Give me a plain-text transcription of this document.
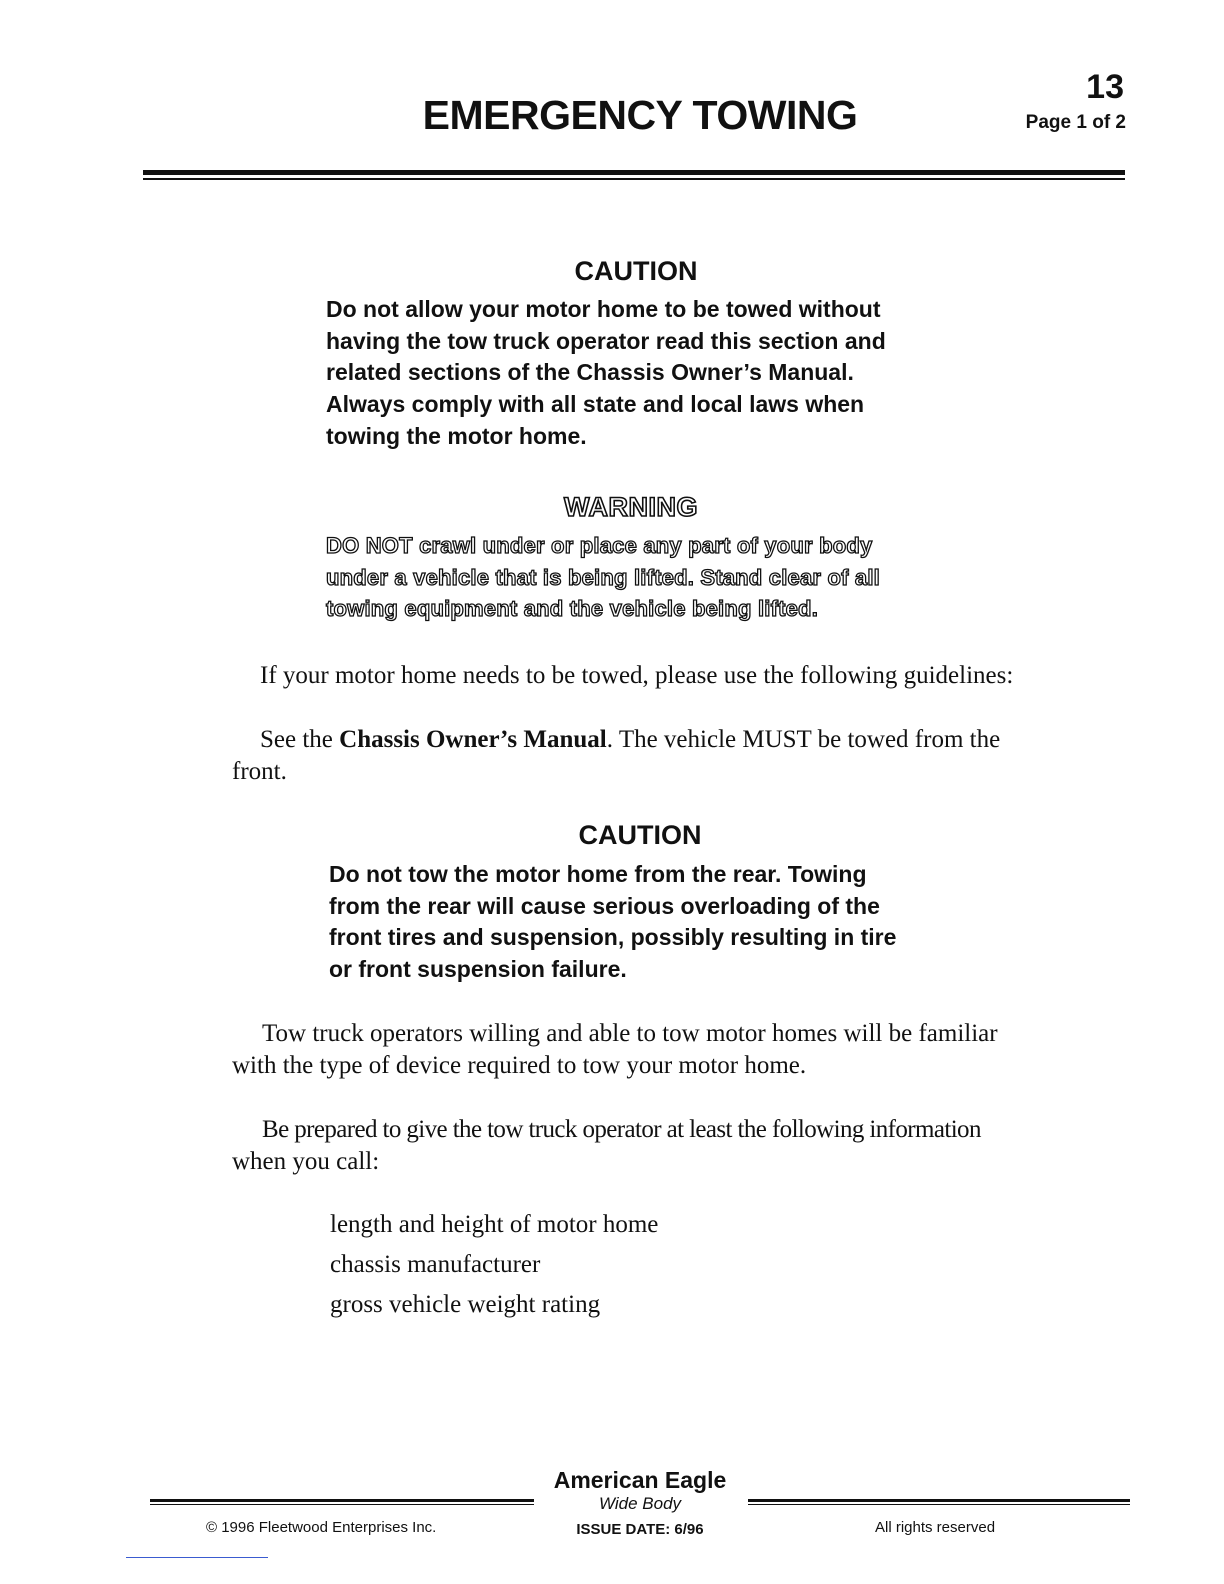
EMERGENCY TOWING
13
Page 1 of 2
CAUTION
Do not allow your motor home to be towed without
having the tow truck operator read this section and
related sections of the Chassis Owner’s Manual.
Always comply with all state and local laws when
towing the motor home.
WARNING
DO NOT crawl under or place any part of your body
under a vehicle that is being lifted. Stand clear of all
towing equipment and the vehicle being lifted.
If your motor home needs to be towed, please use the following guidelines:
See the Chassis Owner’s Manual. The vehicle MUST be towed from the
front.
CAUTION
Do not tow the motor home from the rear. Towing
from the rear will cause serious overloading of the
front tires and suspension, possibly resulting in tire
or front suspension failure.
Tow truck operators willing and able to tow motor homes will be familiar
with the type of device required to tow your motor home.
Be prepared to give the tow truck operator at least the following information
when you call:
length and height of motor home
chassis manufacturer
gross vehicle weight rating
American Eagle
Wide Body
ISSUE DATE: 6/96
© 1996 Fleetwood Enterprises Inc.	All rights reserved
